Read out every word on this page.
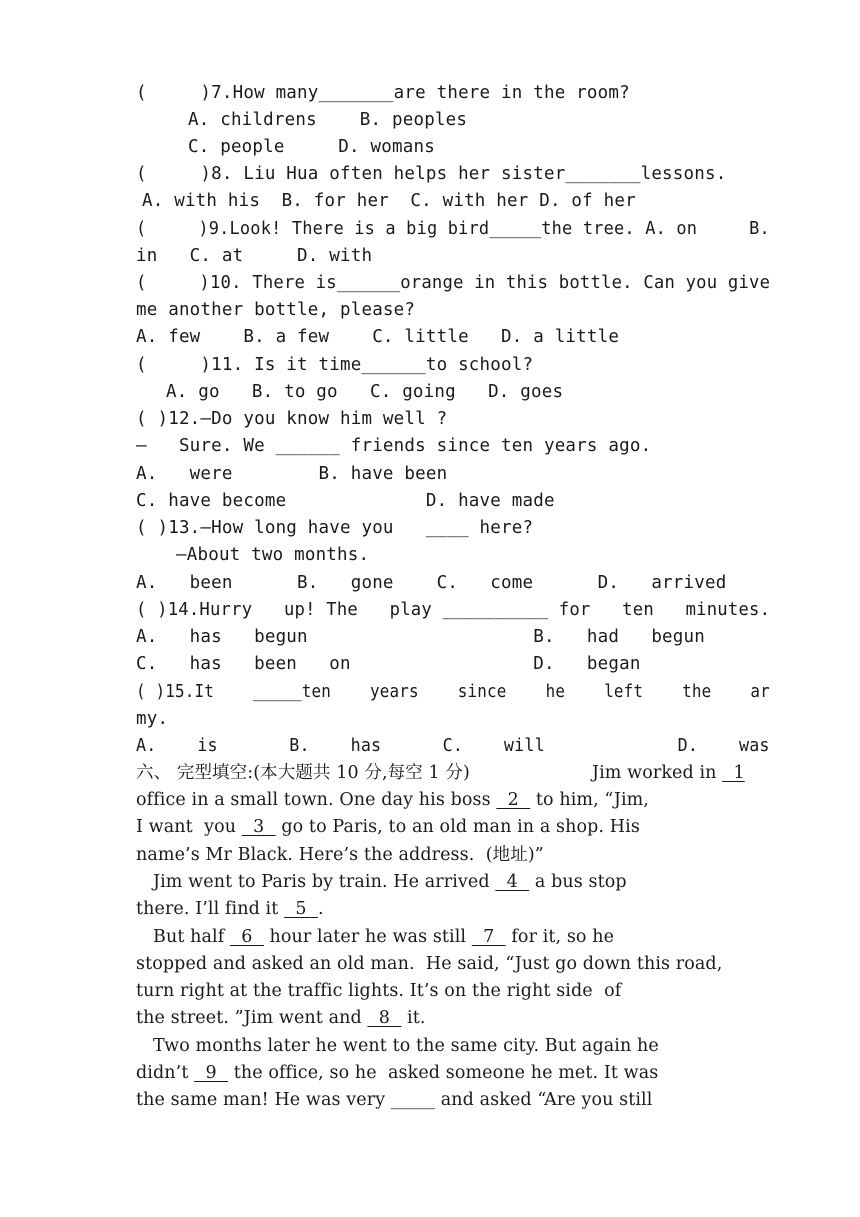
(     )7.How many_______are there in the room?
A. childrens    B. peoples
C. people     D. womans
(     )8. Liu Hua often helps her sister_______lessons.
A. with his  B. for her  C. with her D. of her
(     )9.Look! There is a big bird_____the tree. A. on     B.
in   C. at     D. with
(     )10. There is______orange in this bottle. Can you give
me another bottle, please?
A. few    B. a few    C. little   D. a little
(     )11. Is it time______to school?
A. go   B. to go   C. going   D. goes
( )12.—Do you know him well ?
—   Sure. We ______ friends since ten years ago.
A.   were        B. have been
C. have become             D. have made
( )13.—How long have you   ____ here?
—About two months.
A.   been      B.   gone    C.   come      D.   arrived
( )14.Hurry   up! The   play __________ for   ten   minutes.
A.   has   begun                     B.   had   begun
C.   has   been   on                 D.   began
( )15.It    _____ten    years    since    he    left    the    ar
my.
A.    is       B.    has      C.    will             D.    was
六、 完型填空:(本大题共 10 分,每空 1 分)	Jim worked in   1
office in a small town. One day his boss   2   to him, “Jim,
I want  you   3   go to Paris, to an old man in a shop. His
name’s Mr Black. Here’s the address.  (地址)”
Jim went to Paris by train. He arrived   4   a bus stop
there. I’ll find it   5  .
But half   6   hour later he was still   7   for it, so he
stopped and asked an old man.  He said, “Just go down this road,
turn right at the traffic lights. It’s on the right side  of
the street. ”Jim went and   8   it.
Two months later he went to the same city. But again he
didn’t   9   the office, so he  asked someone he met. It was
the same man! He was very _____ and asked “Are you still
